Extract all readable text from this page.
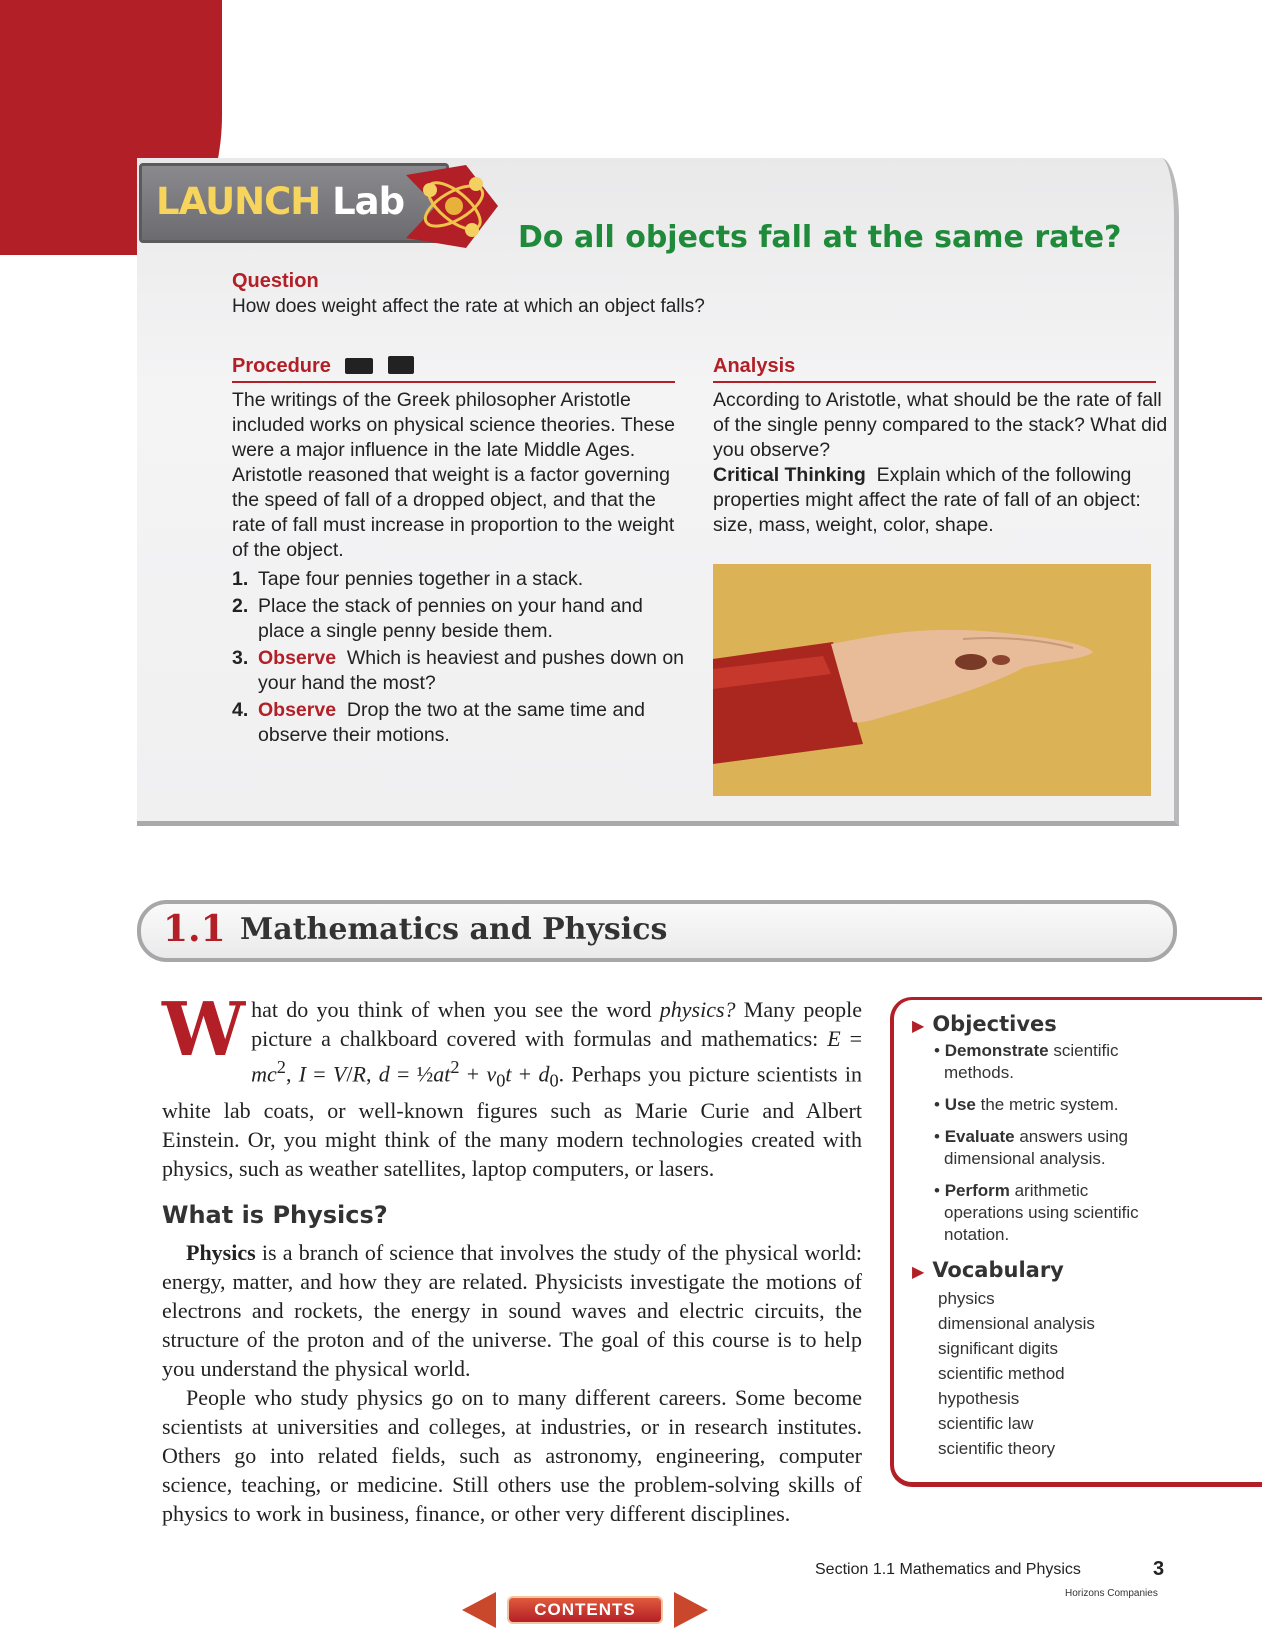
LAUNCH Lab
Do all objects fall at the same rate?
Question
How does weight affect the rate at which an object falls?
Procedure	Analysis
The writings of the Greek philosopher Aristotle included works on physical science theories. These were a major influence in the late Middle Ages. Aristotle reasoned that weight is a factor governing the speed of fall of a dropped object, and that the rate of fall must increase in proportion to the weight of the object.
1. Tape four pennies together in a stack.
2. Place the stack of pennies on your hand and place a single penny beside them.
3. Observe Which is heaviest and pushes down on your hand the most?
4. Observe Drop the two at the same time and observe their motions.
According to Aristotle, what should be the rate of fall of the single penny compared to the stack? What did you observe?
Critical Thinking Explain which of the following properties might affect the rate of fall of an object: size, mass, weight, color, shape.
1.1 Mathematics and Physics

What do you think of when you see the word physics? Many people picture a chalkboard covered with formulas and mathematics: $E = mc^2$, I = V/R, $d = \frac{1}{2}at^2 + v_0t + d_0$. Perhaps you picture scientists in white lab coats, or well-known figures such as Marie Curie and Albert Einstein. Or, you might think of the many modern technologies created with physics, such as weather satellites, laptop computers, or lasers.

What is Physics?

Physics is a branch of science that involves the study of the physical world: energy, matter, and how they are related. Physicists investigate the motions of electrons and rockets, the energy in sound waves and electric circuits, the structure of the proton and of the universe. The goal of this course is to help you understand the physical world.

People who study physics go on to many different careers. Some become scientists at universities and colleges, at industries, or in research institutes. Others go into related fields, such as astronomy, engineering, computer science, teaching, or medicine. Still others use the problem-solving skills of physics to work in business, finance, or other very different disciplines.

▶ Objectives
• Demonstrate scientific methods.
• Use the metric system.
• Evaluate answers using dimensional analysis.
• Perform arithmetic operations using scientific notation.
▶ Vocabulary
physics
dimensional analysis
significant digits
scientific method
hypothesis
scientific law
scientific theory
Section 1.1 Mathematics and Physics	3
Horizons Companies
CONTENTS
